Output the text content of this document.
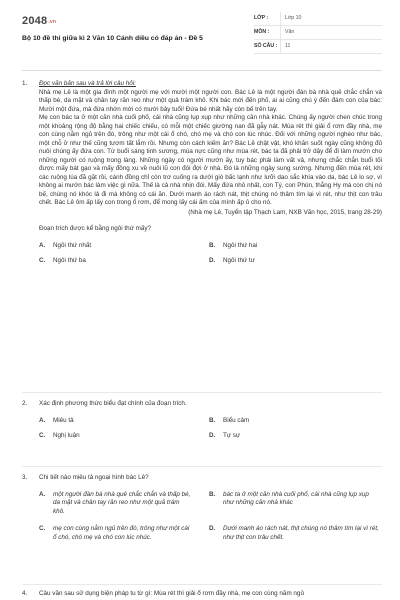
$2048^{.vn}$
Bộ 10 đề thi giữa kì 2 Văn 10 Cánh diều có đáp án - Đề 5
LỚP :	Lớp 10
MÔN :	Văn
SỐ CÂU :	11
1.	Đọc văn bản sau và trả lời câu hỏi:

Nhà mẹ Lê là một gia đình một người mẹ với mười một người con. Bác Lê là một người đàn bà nhà quê chắc chắn và thấp bé, da mặt và chân tay răn reo như một quả trám khô. Khi bác mới đến phố, ai ai cũng chú ý đến đám con của bác: Mười một đứa, mà đứa nhớn mới có mười bảy tuổi! Đứa bé nhất hãy còn bế trên tay.

Mẹ con bác ta ở một căn nhà cuối phố, cái nhà cũng lụp xụp như những căn nhà khác. Chúng ấy người chen chúc trong một khoảng rộng độ bằng hai chiếc chiếu, có mỗi một chiếc giường nan đã gẫy nát. Mùa rét thì giải ổ rơm đầy nhà, mẹ con cùng nằm ngủ trên đó, trông như một cái ổ chó, chó mẹ và chó con lúc nhúc. Đối với những người nghèo như bác, một chỗ ở như thế cũng tươm tất lắm rồi. Nhưng còn cách kiếm ăn? Bác Lê chật vật, khó khăn suốt ngày cũng không đủ nuôi chúng ấy đứa con. Từ buổi sáng tinh sương, mùa nực cũng như mùa rét, bác ta đã phải trở dậy để đi làm mướn cho những người có ruộng trong làng. Những ngày có người mướn ấy, tuy bác phải làm vất vả, nhưng chắc chắn buổi tối được mấy bát gạo và mấy đồng xu về nuôi lũ con đói đợi ở nhà. Đó là những ngày sung sướng. Nhưng đến mùa rét, khi các ruộng lúa đã gặt rồi, cánh đồng chỉ còn trơ cuống rạ dưới gió bấc lạnh như lưỡi dao sắc khía vào da, bác Lê lo sợ, vì không ai mướn bác làm việc gì nữa. Thế là cả nhà nhịn đói. Mấy đứa nhỏ nhất, con Tý, con Phún, thằng Hy mà con chị nó bế, chúng nó khóc lả đi mà không có cái ăn. Dưới manh áo rách nát, thịt chúng nó thâm tím lại vì rét, như thịt con trâu chết. Bác Lê ôm ấp lấy con trong ổ rơm, để mong lấy cái ấm của mình ấp ủ cho nó.

(Nhà mẹ Lê, Tuyển tập Thạch Lam, NXB Văn học, 2015, trang 28-29)
Đoạn trích được kể bằng ngôi thứ mấy?
A.	Ngôi thứ nhất	B.	Ngôi thứ hai
C.	Ngôi thứ ba	D.	Ngôi thứ tư
2.	Xác định phương thức biểu đạt chính của đoạn trích.
A.	Miêu tả	B.	Biểu cảm
C.	Nghị luận	D.	Tự sự
3.	Chi tiết nào miêu tả ngoại hình bác Lê?
A.	một người đàn bà nhà quê chắc chắn và thấp bé, da mặt và chân tay răn reo như một quả trám khô.
B.	bác ta ở một căn nhà cuối phố, cái nhà cũng lụp xụp như những căn nhà khác
C.	mẹ con cùng nằm ngủ trên đó, trông như một cái ổ chó, chó mẹ và chó con lúc nhúc.
D.	Dưới manh áo rách nát, thịt chúng nó thâm tím lại vì rét, như thịt con trâu chết.
4.	Câu văn sau sử dụng biện pháp tu từ gì: Mùa rét thì giải ổ rơm đầy nhà, mẹ con cùng nằm ngủ
